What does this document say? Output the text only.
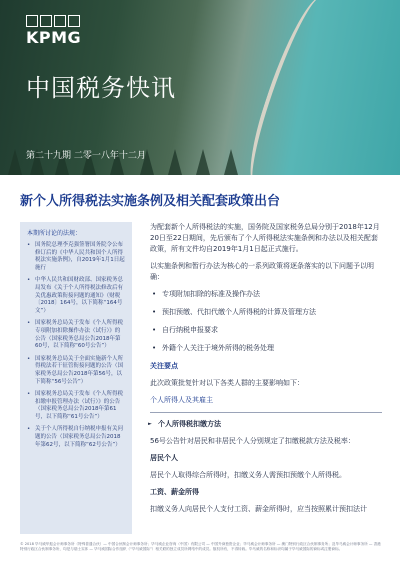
KPMG
中国税务快讯
第二十九期 二零一八年十二月
新个人所得税法实施条例及相关配套政策出台
本期所讨论的法规：
• 国务院总理李克强签署国务院令公布修订后的《中华人民共和国个人所得税法实施条例》，自2019年1月1日起施行
• 中华人民共和国财政部、国家税务总局发布《关于个人所得税法修改后有关优惠政策衔接问题的通知》（财税〔2018〕164号，以下简称“164号文”）
• 国家税务总局关于发布《个人所得税专项附加扣除操作办法（试行）》的公告（国家税务总局公告2018年第60号，以下简称“60号公告”）
• 国家税务总局关于全面实施新个人所得税法若干征管衔接问题的公告（国家税务总局公告2018年第56号，以下简称“56号公告”）
• 国家税务总局关于发布《个人所得税扣缴申报管理办法（试行）》的公告（国家税务总局公告2018年第61号，以下简称“61号公告”）
• 关于个人所得税自行纳税申报有关问题的公告（国家税务总局公告2018年第62号，以下简称“62号公告”）

为配套新个人所得税法的实施，国务院及国家税务总局分别于2018年12月20日至22日期间，先后颁布了个人所得税法实施条例和办法以及相关配套政策，所有文件均自2019年1月1日起正式施行。

以实施条例和暂行办法为核心的一系列政策将逐条落实的以下问题予以明确：

• 专项附加扣除的标准及操作办法
• 预扣预缴、代扣代缴个人所得税的计算及管理方法
• 自行纳税申报要求
• 外籍个人关注于境外所得的税务处理
关注要点

此次政策批复针对以下各类人群的主要影响如下：

个人所得人及其雇主
► 个人所得税扣缴方法

56号公告针对居民和非居民个人分别规定了扣缴税款方法及税率：

居民个人

居民个人取得综合所得时，扣缴义务人需预扣预缴个人所得税。

工资、薪金所得

扣缴义务人向居民个人支付工资、薪金所得时，应当按照累计预扣法计

© 2018 毕马威华振会计师事务所（特殊普通合伙）— 中国合伙制会计师事务所；毕马威企业咨询（中国）有限公司 — 中国外商独资企业；毕马威会计师事务所 — 澳门特别行政区合伙制事务所；及毕马威会计师事务所 — 香港特别行政区合伙制事务所，均是与瑞士实体 — 毕马威国际合作组织（“毕马威国际”）相关联的独立成员所网络中的成员。版权所有，不得转载。毕马威的名称和标识均属于毕马威国际的商标或注册商标。
